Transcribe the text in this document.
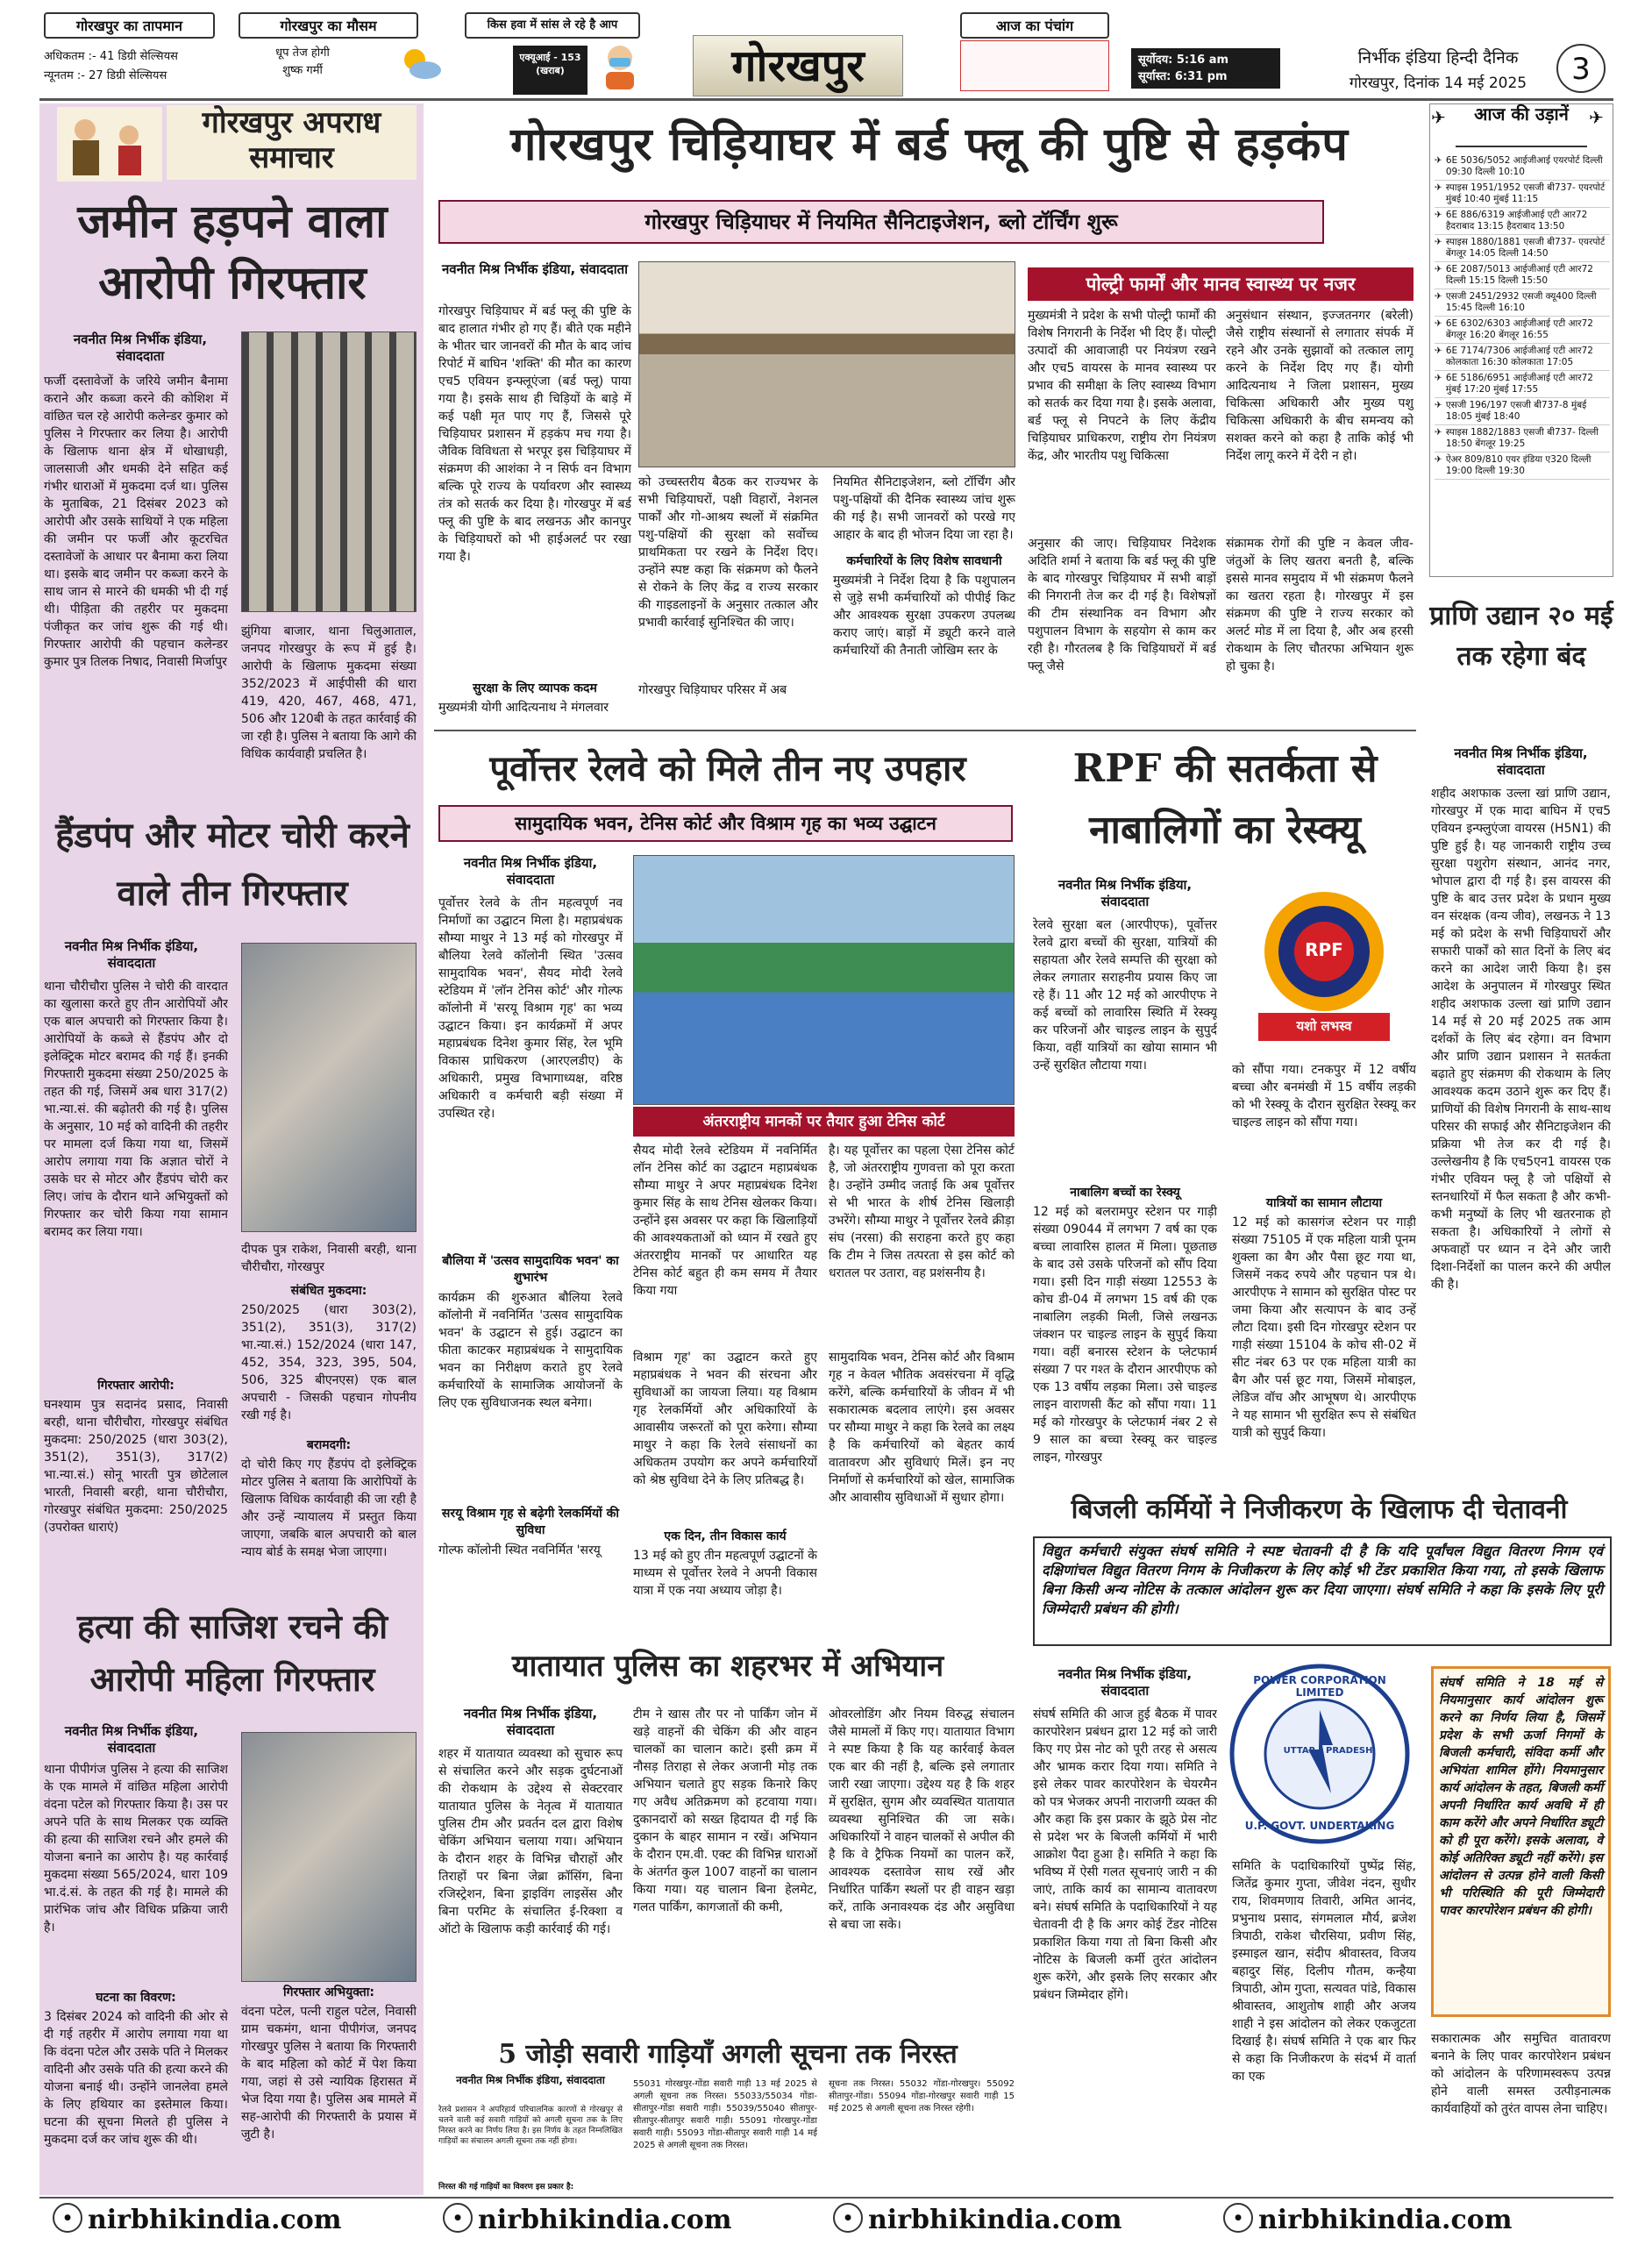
गोरखपुर का तापमान
अधिकतम :- 41 डिग्री सेल्सियस
न्यूनतम :- 27 डिग्री सेल्सियस
गोरखपुर का मौसम
धूप तेज होगी
शुष्क गर्मी
किस हवा में सांस ले रहे है आप
एक्यूआई - 153
(खराब)	गोरखपुर
आज का पंचांग
सूर्योदय: 5:16 am
सूर्यास्त: 6:31 pm
निर्भीक इंडिया हिन्दी दैनिक
गोरखपुर, दिनांक 14 मई 2025	3
गोरखपुर अपराध समाचार
जमीन हड़पने वाला आरोपी गिरफ्तार
नवनीत मिश्र निर्भीक इंडिया, संवाददाता
फर्जी दस्तावेजों के जरिये जमीन बैनामा कराने और कब्जा करने की कोशिश में वांछित चल रहे आरोपी कलेन्डर कुमार को पुलिस ने गिरफ्तार कर लिया है। आरोपी के खिलाफ थाना क्षेत्र में धोखाधड़ी, जालसाजी और धमकी देने सहित कई गंभीर धाराओं में मुकदमा दर्ज था। पुलिस के मुताबिक, 21 दिसंबर 2023 को आरोपी और उसके साथियों ने एक महिला की जमीन पर फर्जी और कूटरचित दस्तावेजों के आधार पर बैनामा करा लिया था। इसके बाद जमीन पर कब्जा करने के साथ जान से मारने की धमकी भी दी गई थी। पीड़िता की तहरीर पर मुकदमा पंजीकृत कर जांच शुरू की गई थी। गिरफ्तार आरोपी की पहचान कलेन्डर कुमार पुत्र तिलक निषाद, निवासी मिर्जापुर
झुंगिया बाजार, थाना चिलुआताल, जनपद गोरखपुर के रूप में हुई है। आरोपी के खिलाफ मुकदमा संख्या 352/2023 में आईपीसी की धारा 419, 420, 467, 468, 471, 506 और 120बी के तहत कार्रवाई की जा रही है। पुलिस ने बताया कि आगे की विधिक कार्यवाही प्रचलित है।
हैंडपंप और मोटर चोरी करने वाले तीन गिरफ्तार
नवनीत मिश्र निर्भीक इंडिया, संवाददाता
थाना चौरीचौरा पुलिस ने चोरी की वारदात का खुलासा करते हुए तीन आरोपियों और एक बाल अपचारी को गिरफ्तार किया है। आरोपियों के कब्जे से हैंडपंप और दो इलेक्ट्रिक मोटर बरामद की गई हैं। इनकी गिरफ्तारी मुकदमा संख्या 250/2025 के तहत की गई, जिसमें अब धारा 317(2) भा.न्या.सं. की बढ़ोतरी की गई है। पुलिस के अनुसार, 10 मई को वादिनी की तहरीर पर मामला दर्ज किया गया था, जिसमें आरोप लगाया गया कि अज्ञात चोरों ने उसके घर से मोटर और हैंडपंप चोरी कर लिए। जांच के दौरान थाने अभियुक्तों को गिरफ्तार कर चोरी किया गया सामान बरामद कर लिया गया।
गिरफ्तार आरोपी:
घनश्याम पुत्र सदानंद प्रसाद, निवासी बरही, थाना चौरीचौरा, गोरखपुर संबंधित मुकदमा: 250/2025 (धारा 303(2), 351(2), 351(3), 317(2) भा.न्या.सं.) सोनू भारती पुत्र छोटेलाल भारती, निवासी बरही, थाना चौरीचौरा, गोरखपुर संबंधित मुकदमा: 250/2025 (उपरोक्त धाराएं)
दीपक पुत्र राकेश, निवासी बरही, थाना चौरीचौरा, गोरखपुर
संबंधित मुकदमा:
250/2025 (धारा 303(2), 351(2), 351(3), 317(2) भा.न्या.सं.) 152/2024 (धारा 147, 452, 354, 323, 395, 504, 506, 325 बीएनएस) एक बाल अपचारी - जिसकी पहचान गोपनीय रखी गई है।
बरामदगी:
दो चोरी किए गए हैंडपंप दो इलेक्ट्रिक मोटर पुलिस ने बताया कि आरोपियों के खिलाफ विधिक कार्यवाही की जा रही है और उन्हें न्यायालय में प्रस्तुत किया जाएगा, जबकि बाल अपचारी को बाल न्याय बोर्ड के समक्ष भेजा जाएगा।
हत्या की साजिश रचने की आरोपी महिला गिरफ्तार
नवनीत मिश्र निर्भीक इंडिया, संवाददाता
थाना पीपीगंज पुलिस ने हत्या की साजिश के एक मामले में वांछित महिला आरोपी वंदना पटेल को गिरफ्तार किया है। उस पर अपने पति के साथ मिलकर एक व्यक्ति की हत्या की साजिश रचने और हमले की योजना बनाने का आरोप है। यह कार्रवाई मुकदमा संख्या 565/2024, धारा 109 भा.दं.सं. के तहत की गई है। मामले की प्रारंभिक जांच और विधिक प्रक्रिया जारी है।
घटना का विवरण:
3 दिसंबर 2024 को वादिनी की ओर से दी गई तहरीर में आरोप लगाया गया था कि वंदना पटेल और उसके पति ने मिलकर वादिनी और उसके पति की हत्या करने की योजना बनाई थी। उन्होंने जानलेवा हमले के लिए हथियार का इस्तेमाल किया। घटना की सूचना मिलते ही पुलिस ने मुकदमा दर्ज कर जांच शुरू की थी।
गिरफ्तार अभियुक्ता:
वंदना पटेल, पत्नी राहुल पटेल, निवासी ग्राम चकमंग, थाना पीपीगंज, जनपद गोरखपुर पुलिस ने बताया कि गिरफ्तारी के बाद महिला को कोर्ट में पेश किया गया, जहां से उसे न्यायिक हिरासत में भेज दिया गया है। पुलिस अब मामले में सह-आरोपी की गिरफ्तारी के प्रयास में जुटी है।
गोरखपुर चिड़ियाघर में बर्ड फ्लू की पुष्टि से हड़कंप
गोरखपुर चिड़ियाघर में नियमित सैनिटाइजेशन, ब्लो टॉर्चिंग शुरू
नवनीत मिश्र निर्भीक इंडिया, संवाददाता
गोरखपुर चिड़ियाघर में बर्ड फ्लू की पुष्टि के बाद हालात गंभीर हो गए हैं। बीते एक महीने के भीतर चार जानवरों की मौत के बाद जांच रिपोर्ट में बाघिन 'शक्ति' की मौत का कारण एच5 एवियन इन्फ्लूएंजा (बर्ड फ्लू) पाया गया है। इसके साथ ही चिड़ियों के बाड़े में कई पक्षी मृत पाए गए हैं, जिससे पूरे चिड़ियाघर प्रशासन में हड़कंप मच गया है। जैविक विविधता से भरपूर इस चिड़ियाघर में संक्रमण की आशंका ने न सिर्फ वन विभाग बल्कि पूरे राज्य के पर्यावरण और स्वास्थ्य तंत्र को सतर्क कर दिया है। गोरखपुर में बर्ड फ्लू की पुष्टि के बाद लखनऊ और कानपुर के चिड़ियाघरों को भी हाईअलर्ट पर रखा गया है।
सुरक्षा के लिए व्यापक कदम
मुख्यमंत्री योगी आदित्यनाथ ने मंगलवार
को उच्चस्तरीय बैठक कर राज्यभर के सभी चिड़ियाघरों, पक्षी विहारों, नेशनल पार्कों और गो-आश्रय स्थलों में संक्रमित पशु-पक्षियों की सुरक्षा को सर्वोच्च प्राथमिकता पर रखने के निर्देश दिए। उन्होंने स्पष्ट कहा कि संक्रमण को फैलने से रोकने के लिए केंद्र व राज्य सरकार की गाइडलाइनों के अनुसार तत्काल और प्रभावी कार्रवाई सुनिश्चित की जाए।
गोरखपुर चिड़ियाघर परिसर में अब
नियमित सैनिटाइजेशन, ब्लो टॉर्चिंग और पशु-पक्षियों की दैनिक स्वास्थ्य जांच शुरू की गई है। सभी जानवरों को परखे गए आहार के बाद ही भोजन दिया जा रहा है।
कर्मचारियों के लिए विशेष सावधानी
मुख्यमंत्री ने निर्देश दिया है कि पशुपालन से जुड़े सभी कर्मचारियों को पीपीई किट और आवश्यक सुरक्षा उपकरण उपलब्ध कराए जाएं। बाड़ों में ड्यूटी करने वाले कर्मचारियों की तैनाती जोखिम स्तर के
पोल्ट्री फार्मों और मानव स्वास्थ्य पर नजर
मुख्यमंत्री ने प्रदेश के सभी पोल्ट्री फार्मों की विशेष निगरानी के निर्देश भी दिए हैं। पोल्ट्री उत्पादों की आवाजाही पर नियंत्रण रखने और एच5 वायरस के मानव स्वास्थ्य पर प्रभाव की समीक्षा के लिए स्वास्थ्य विभाग को सतर्क कर दिया गया है। इसके अलावा, बर्ड फ्लू से निपटने के लिए केंद्रीय चिड़ियाघर प्राधिकरण, राष्ट्रीय रोग नियंत्रण केंद्र, और भारतीय पशु चिकित्सा
अनुसंधान संस्थान, इज्जतनगर (बरेली) जैसे राष्ट्रीय संस्थानों से लगातार संपर्क में रहने और उनके सुझावों को तत्काल लागू करने के निर्देश दिए गए हैं। योगी आदित्यनाथ ने जिला प्रशासन, मुख्य चिकित्सा अधिकारी और मुख्य पशु चिकित्सा अधिकारी के बीच समन्वय को सशक्त करने को कहा है ताकि कोई भी निर्देश लागू करने में देरी न हो।
अनुसार की जाए। चिड़ियाघर निदेशक अदिति शर्मा ने बताया कि बर्ड फ्लू की पुष्टि के बाद गोरखपुर चिड़ियाघर में सभी बाड़ों की निगरानी तेज कर दी गई है। विशेषज्ञों की टीम संस्थानिक वन विभाग और पशुपालन विभाग के सहयोग से काम कर रही है। गौरतलब है कि चिड़ियाघरों में बर्ड फ्लू जैसे
संक्रामक रोगों की पुष्टि न केवल जीव-जंतुओं के लिए खतरा बनती है, बल्कि इससे मानव समुदाय में भी संक्रमण फैलने का खतरा रहता है। गोरखपुर में इस संक्रमण की पुष्टि ने राज्य सरकार को अलर्ट मोड में ला दिया है, और अब हरसी रोकथाम के लिए चौतरफा अभियान शुरू हो चुका है।
आज की उड़ानें
✈	✈
✈ 6E 5036/5052 आईजीआई एयरपोर्ट दिल्ली 09:30 दिल्ली 10:10
✈ स्पाइस 1951/1952 एसजी बी737- एयरपोर्ट मुंबई 10:40 मुंबई 11:15
✈ 6E 886/6319 आईजीआई एटी आर72 हैदराबाद 13:15 हैदराबाद 13:50
✈ स्पाइस 1880/1881 एसजी बी737- एयरपोर्ट बेंगलूर 14:05 दिल्ली 14:50
✈ 6E 2087/5013 आईजीआई एटी आर72 दिल्ली 15:15 दिल्ली 15:50
✈ एसजी 2451/2932 एसजी क्यू400 दिल्ली 15:45 दिल्ली 16:10
✈ 6E 6302/6303 आईजीआई एटी आर72 बेंगलूर 16:20 बेंगलूर 16:55
✈ 6E 7174/7306 आईजीआई एटी आर72 कोलकाता 16:30 कोलकाता 17:05
✈ 6E 5186/6951 आईजीआई एटी आर72 मुंबई 17:20 मुंबई 17:55
✈ एसजी 196/197 एसजी बी737-8 मुंबई 18:05 मुंबई 18:40
✈ स्पाइस 1882/1883 एसजी बी737- दिल्ली 18:50 बेंगलूर 19:25
✈ ऐअर 809/810 एयर इंडिया ए320 दिल्ली 19:00 दिल्ली 19:30
प्राणि उद्यान २० मई तक रहेगा बंद
नवनीत मिश्र निर्भीक इंडिया, संवाददाता
शहीद अशफाक उल्ला खां प्राणि उद्यान, गोरखपुर में एक मादा बाघिन में एच5 एवियन इन्फ्लुएंजा वायरस (H5N1) की पुष्टि हुई है। यह जानकारी राष्ट्रीय उच्च सुरक्षा पशुरोग संस्थान, आनंद नगर, भोपाल द्वारा दी गई है। इस वायरस की पुष्टि के बाद उत्तर प्रदेश के प्रधान मुख्य वन संरक्षक (वन्य जीव), लखनऊ ने 13 मई को प्रदेश के सभी चिड़ियाघरों और सफारी पार्कों को सात दिनों के लिए बंद करने का आदेश जारी किया है। इस आदेश के अनुपालन में गोरखपुर स्थित शहीद अशफाक उल्ला खां प्राणि उद्यान 14 मई से 20 मई 2025 तक आम दर्शकों के लिए बंद रहेगा। वन विभाग और प्राणि उद्यान प्रशासन ने सतर्कता बढ़ाते हुए संक्रमण की रोकथाम के लिए आवश्यक कदम उठाने शुरू कर दिए हैं। प्राणियों की विशेष निगरानी के साथ-साथ परिसर की सफाई और सैनिटाइजेशन की प्रक्रिया भी तेज कर दी गई है। उल्लेखनीय है कि एच5एन1 वायरस एक गंभीर एवियन फ्लू है जो पक्षियों से स्तनधारियों में फैल सकता है और कभी-कभी मनुष्यों के लिए भी खतरनाक हो सकता है। अधिकारियों ने लोगों से अफवाहों पर ध्यान न देने और जारी दिशा-निर्देशों का पालन करने की अपील की है।
पूर्वोत्तर रेलवे को मिले तीन नए उपहार
सामुदायिक भवन, टेनिस कोर्ट और विश्राम गृह का भव्य उद्घाटन
नवनीत मिश्र निर्भीक इंडिया, संवाददाता
पूर्वोत्तर रेलवे के तीन महत्वपूर्ण नव निर्माणों का उद्घाटन मिला है। महाप्रबंधक सौम्या माथुर ने 13 मई को गोरखपुर में बौलिया रेलवे कॉलोनी स्थित 'उत्सव सामुदायिक भवन', सैयद मोदी रेलवे स्टेडियम में 'लॉन टेनिस कोर्ट' और गोल्फ कॉलोनी में 'सरयू विश्राम गृह' का भव्य उद्घाटन किया। इन कार्यक्रमों में अपर महाप्रबंधक दिनेश कुमार सिंह, रेल भूमि विकास प्राधिकरण (आरएलडीए) के अधिकारी, प्रमुख विभागाध्यक्ष, वरिष्ठ अधिकारी व कर्मचारी बड़ी संख्या में उपस्थित रहे।
बौलिया में 'उत्सव सामुदायिक भवन' का शुभारंभ
कार्यक्रम की शुरुआत बौलिया रेलवे कॉलोनी में नवनिर्मित 'उत्सव सामुदायिक भवन' के उद्घाटन से हुई। उद्घाटन का फीता काटकर महाप्रबंधक ने सामुदायिक भवन का निरीक्षण कराते हुए रेलवे कर्मचारियों के सामाजिक आयोजनों के लिए एक सुविधाजनक स्थल बनेगा।
सरयू विश्राम गृह से बढ़ेगी रेलकर्मियों की सुविधा
गोल्फ कॉलोनी स्थित नवनिर्मित 'सरयू
अंतरराष्ट्रीय मानकों पर तैयार हुआ टेनिस कोर्ट
सैयद मोदी रेलवे स्टेडियम में नवनिर्मित लॉन टेनिस कोर्ट का उद्घाटन महाप्रबंधक सौम्या माथुर ने अपर महाप्रबंधक दिनेश कुमार सिंह के साथ टेनिस खेलकर किया। उन्होंने इस अवसर पर कहा कि खिलाड़ियों की आवश्यकताओं को ध्यान में रखते हुए अंतरराष्ट्रीय मानकों पर आधारित यह टेनिस कोर्ट बहुत ही कम समय में तैयार किया गया
है। यह पूर्वोत्तर का पहला ऐसा टेनिस कोर्ट है, जो अंतरराष्ट्रीय गुणवत्ता को पूरा करता है। उन्होंने उम्मीद जताई कि अब पूर्वोत्तर से भी भारत के शीर्ष टेनिस खिलाड़ी उभरेंगे। सौम्या माथुर ने पूर्वोत्तर रेलवे क्रीड़ा संघ (नरसा) की सराहना करते हुए कहा कि टीम ने जिस तत्परता से इस कोर्ट को धरातल पर उतारा, वह प्रशंसनीय है।
विश्राम गृह' का उद्घाटन करते हुए महाप्रबंधक ने भवन की संरचना और सुविधाओं का जायजा लिया। यह विश्राम गृह रेलकर्मियों और अधिकारियों के आवासीय जरूरतों को पूरा करेगा। सौम्या माथुर ने कहा कि रेलवे संसाधनों का अधिकतम उपयोग कर अपने कर्मचारियों को श्रेष्ठ सुविधा देने के लिए प्रतिबद्ध है।
एक दिन, तीन विकास कार्य
13 मई को हुए तीन महत्वपूर्ण उद्घाटनों के माध्यम से पूर्वोत्तर रेलवे ने अपनी विकास यात्रा में एक नया अध्याय जोड़ा है।
सामुदायिक भवन, टेनिस कोर्ट और विश्राम गृह न केवल भौतिक अवसंरचना में वृद्धि करेंगे, बल्कि कर्मचारियों के जीवन में भी सकारात्मक बदलाव लाएंगे। इस अवसर पर सौम्या माथुर ने कहा कि रेलवे का लक्ष्य है कि कर्मचारियों को बेहतर कार्य वातावरण और सुविधाएं मिलें। इन नए निर्माणों से कर्मचारियों को खेल, सामाजिक और आवासीय सुविधाओं में सुधार होगा।
RPF की सतर्कता से नाबालिगों का रेस्क्यू
नवनीत मिश्र निर्भीक इंडिया, संवाददाता
रेलवे सुरक्षा बल (आरपीएफ), पूर्वोत्तर रेलवे द्वारा बच्चों की सुरक्षा, यात्रियों की सहायता और रेलवे सम्पत्ति की सुरक्षा को लेकर लगातार सराहनीय प्रयास किए जा रहे हैं। 11 और 12 मई को आरपीएफ ने कई बच्चों को लावारिस स्थिति में रेस्क्यू कर परिजनों और चाइल्ड लाइन के सुपुर्द किया, वहीं यात्रियों का खोया सामान भी उन्हें सुरक्षित लौटाया गया।
RPF
यशो लभस्व
को सौंपा गया। टनकपुर में 12 वर्षीय बच्चा और बनमंखी में 15 वर्षीय लड़की को भी रेस्क्यू के दौरान सुरक्षित रेस्क्यू कर चाइल्ड लाइन को सौंपा गया।
नाबालिग बच्चों का रेस्क्यू
12 मई को बलरामपुर स्टेशन पर गाड़ी संख्या 09044 में लगभग 7 वर्ष का एक बच्चा लावारिस हालत में मिला। पूछताछ के बाद उसे उसके परिजनों को सौंप दिया गया। इसी दिन गाड़ी संख्या 12553 के कोच डी-04 में लगभग 15 वर्ष की एक नाबालिग लड़की मिली, जिसे लखनऊ जंक्शन पर चाइल्ड लाइन के सुपुर्द किया गया। वहीं बनारस स्टेशन के प्लेटफार्म संख्या 7 पर गश्त के दौरान आरपीएफ को एक 13 वर्षीय लड़का मिला। उसे चाइल्ड लाइन वाराणसी कैंट को सौंपा गया। 11 मई को गोरखपुर के प्लेटफार्म नंबर 2 से 9 साल का बच्चा रेस्क्यू कर चाइल्ड लाइन, गोरखपुर
यात्रियों का सामान लौटाया
12 मई को कासगंज स्टेशन पर गाड़ी संख्या 75105 में एक महिला यात्री पूनम शुक्ला का बैग और पैसा छूट गया था, जिसमें नकद रुपये और पहचान पत्र थे। आरपीएफ ने सामान को सुरक्षित पोस्ट पर जमा किया और सत्यापन के बाद उन्हें लौटा दिया। इसी दिन गोरखपुर स्टेशन पर गाड़ी संख्या 15104 के कोच सी-02 में सीट नंबर 63 पर एक महिला यात्री का बैग और पर्स छूट गया, जिसमें मोबाइल, लेडिज वॉच और आभूषण थे। आरपीएफ ने यह सामान भी सुरक्षित रूप से संबंधित यात्री को सुपुर्द किया।
बिजली कर्मियों ने निजीकरण के खिलाफ दी चेतावनी
विद्युत कर्मचारी संयुक्त संघर्ष समिति ने स्पष्ट चेतावनी दी है कि यदि पूर्वांचल विद्युत वितरण निगम एवं दक्षिणांचल विद्युत वितरण निगम के निजीकरण के लिए कोई भी टेंडर प्रकाशित किया गया, तो इसके खिलाफ बिना किसी अन्य नोटिस के तत्काल आंदोलन शुरू कर दिया जाएगा। संघर्ष समिति ने कहा कि इसके लिए पूरी जिम्मेदारी प्रबंधन की होगी।
नवनीत मिश्र निर्भीक इंडिया, संवाददाता
संघर्ष समिति की आज हुई बैठक में पावर कारपोरेशन प्रबंधन द्वारा 12 मई को जारी किए गए प्रेस नोट को पूरी तरह से असत्य और भ्रामक करार दिया गया। समिति ने इसे लेकर पावर कारपोरेशन के चेयरमैन को पत्र भेजकर अपनी नाराजगी व्यक्त की और कहा कि इस प्रकार के झूठे प्रेस नोट से प्रदेश भर के बिजली कर्मियों में भारी आक्रोश पैदा हुआ है। समिति ने कहा कि भविष्य में ऐसी गलत सूचनाएं जारी न की जाएं, ताकि कार्य का सामान्य वातावरण बने। संघर्ष समिति के पदाधिकारियों ने यह चेतावनी दी है कि अगर कोई टेंडर नोटिस प्रकाशित किया गया तो बिना किसी और नोटिस के बिजली कर्मी तुरंत आंदोलन शुरू करेंगे, और इसके लिए सरकार और प्रबंधन जिम्मेदार होंगे।
POWER CORPORATION LIMITED
UTTAR PRADESH
U.P. GOVT. UNDERTAKING
समिति के पदाधिकारियों पुष्पेंद्र सिंह, जितेंद्र कुमार गुप्ता, जीवेश नंदन, सुधीर राय, शिवमणाय तिवारी, अमित आनंद, प्रभुनाथ प्रसाद, संगमलाल मौर्य, ब्रजेश त्रिपाठी, राकेश चौरसिया, प्रवीण सिंह, इस्माइल खान, संदीप श्रीवास्तव, विजय बहादुर सिंह, दिलीप गौतम, कन्हैया त्रिपाठी, ओम गुप्ता, सत्यवत पांडे, विकास श्रीवास्तव, आशुतोष शाही और अजय शाही ने इस आंदोलन को लेकर एकजुटता दिखाई है। संघर्ष समिति ने एक बार फिर से कहा कि निजीकरण के संदर्भ में वार्ता का एक
संघर्ष समिति ने 18 मई से नियमानुसार कार्य आंदोलन शुरू करने का निर्णय लिया है, जिसमें प्रदेश के सभी ऊर्जा निगमों के बिजली कर्मचारी, संविदा कर्मी और अभियंता शामिल होंगे। नियमानुसार कार्य आंदोलन के तहत, बिजली कर्मी अपनी निर्धारित कार्य अवधि में ही काम करेंगे और अपने निर्धारित ड्यूटी को ही पूरा करेंगे। इसके अलावा, वे कोई अतिरिक्त ड्यूटी नहीं करेंगे। इस आंदोलन से उत्पन्न होने वाली किसी भी परिस्थिति की पूरी जिम्मेदारी पावर कारपोरेशन प्रबंधन की होगी।
सकारात्मक और समुचित वातावरण बनाने के लिए पावर कारपोरेशन प्रबंधन को आंदोलन के परिणामस्वरूप उत्पन्न होने वाली समस्त उत्पीड़नात्मक कार्यवाहियों को तुरंत वापस लेना चाहिए।
यातायात पुलिस का शहरभर में अभियान
नवनीत मिश्र निर्भीक इंडिया, संवाददाता
शहर में यातायात व्यवस्था को सुचारु रूप से संचालित करने और सड़क दुर्घटनाओं की रोकथाम के उद्देश्य से सेक्टरवार यातायात पुलिस के नेतृत्व में यातायात पुलिस टीम और प्रवर्तन दल द्वारा विशेष चेकिंग अभियान चलाया गया। अभियान के दौरान शहर के विभिन्न चौराहों और तिराहों पर बिना जेब्रा क्रॉसिंग, बिना रजिस्ट्रेशन, बिना ड्राइविंग लाइसेंस और बिना परमिट के संचालित ई-रिक्शा व ऑटो के खिलाफ कड़ी कार्रवाई की गई।
टीम ने खास तौर पर नो पार्किंग जोन में खड़े वाहनों की चेकिंग की और वाहन चालकों का चालान काटे। इसी क्रम में नौसड़ तिराहा से लेकर अजानी मोड़ तक अभियान चलाते हुए सड़क किनारे किए गए अवैध अतिक्रमण को हटवाया गया। दुकानदारों को सख्त हिदायत दी गई कि दुकान के बाहर सामान न रखें। अभियान के दौरान एम.वी. एक्ट की विभिन्न धाराओं के अंतर्गत कुल 1007 वाहनों का चालान किया गया। यह चालान बिना हेलमेट, गलत पार्किंग, कागजातों की कमी,
ओवरलोडिंग और नियम विरुद्ध संचालन जैसे मामलों में किए गए। यातायात विभाग ने स्पष्ट किया है कि यह कार्रवाई केवल एक बार की नहीं है, बल्कि इसे लगातार जारी रखा जाएगा। उद्देश्य यह है कि शहर में सुरक्षित, सुगम और व्यवस्थित यातायात व्यवस्था सुनिश्चित की जा सके। अधिकारियों ने वाहन चालकों से अपील की है कि वे ट्रैफिक नियमों का पालन करें, आवश्यक दस्तावेज साथ रखें और निर्धारित पार्किंग स्थलों पर ही वाहन खड़ा करें, ताकि अनावश्यक दंड और असुविधा से बचा जा सके।
5 जोड़ी सवारी गाड़ियाँ अगली सूचना तक निरस्त
नवनीत मिश्र निर्भीक इंडिया, संवाददाता
रेलवे प्रशासन ने अपरिहार्य परिचालनिक कारणों से गोरखपुर से चलने वाली कई सवारी गाड़ियों को अगली सूचना तक के लिए निरस्त करने का निर्णय लिया है। इस निर्णय के तहत निम्नलिखित गाड़ियों का संचालन अगली सूचना तक नहीं होगा।
निरस्त की गई गाड़ियों का विवरण इस प्रकार है:
55031 गोरखपुर-गोंडा सवारी गाड़ी 13 मई 2025 से अगली सूचना तक निरस्त। 55033/55034 गोंडा-सीतापुर-गोंडा सवारी गाड़ी। 55039/55040 सीतापुर-सीतापुर-सीतापुर सवारी गाड़ी। 55091 गोरखपुर-गोंडा सवारी गाड़ी। 55093 गोंडा-सीतापुर सवारी गाड़ी 14 मई 2025 से अगली सूचना तक निरस्त।
सूचना तक निरस्त। 55032 गोंडा-गोरखपुर। 55092 सीतापुर-गोंडा। 55094 गोंडा-गोरखपुर सवारी गाड़ी 15 मई 2025 से अगली सूचना तक निरस्त रहेगी।
● nirbhikindia.com	● nirbhikindia.com	● nirbhikindia.com	● nirbhikindia.com
